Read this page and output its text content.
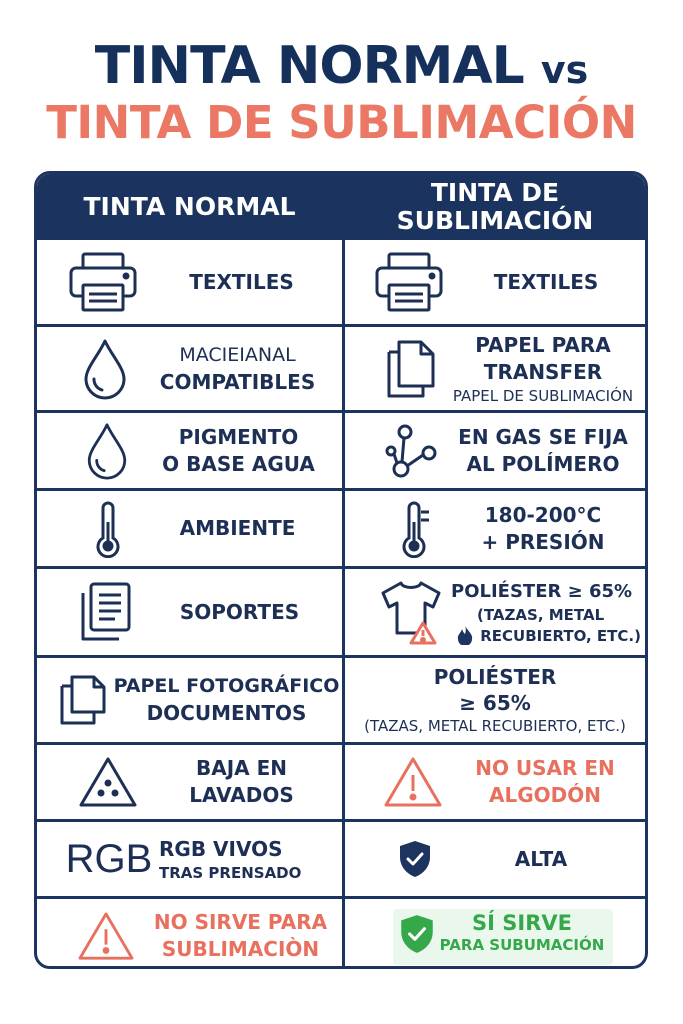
TINTA NORMAL vs
TINTA DE SUBLIMACIÓN
TINTA NORMAL	TINTA DE
SUBLIMACIÓN
TEXTILES	TEXTILES
MACIEIANAL
COMPATIBLES
PAPEL PARA
TRANSFER
PAPEL DE SUBLIMACIÓN
PIGMENTO
O BASE AGUA
EN GAS SE FIJA
AL POLÍMERO
AMBIENTE
180-200°C
+ PRESIÓN
SOPORTES
POLIÉSTER ≥ 65%
(TAZAS, METAL
RECUBIERTO, ETC.)
PAPEL FOTOGRÁFICO
DOCUMENTOS
POLIÉSTER
≥ 65%
(TAZAS, METAL RECUBIERTO, ETC.)
BAJA EN
LAVADOS
NO USAR EN
ALGODÓN
RGB RGB VIVOS
TRAS PRENSADO
ALTA
NO SIRVE PARA
SUBLIMACIÒN
SÍ SIRVE
PARA SUBUMACIÓN
